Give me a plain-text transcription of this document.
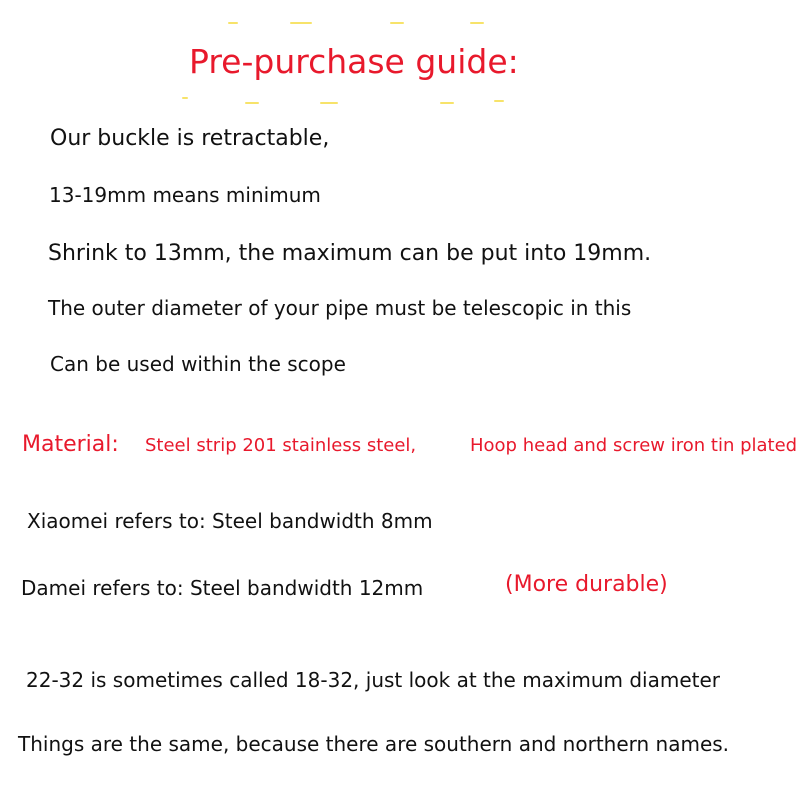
Pre-purchase guide:
Our buckle is retractable,
13-19mm means minimum
Shrink to 13mm, the maximum can be put into 19mm.
The outer diameter of your pipe must be telescopic in this
Can be used within the scope
Material: Steel strip 201 stainless steel,	Hoop head and screw iron tin plated
Xiaomei refers to: Steel bandwidth 8mm
Damei refers to: Steel bandwidth 12mm	(More durable)
22-32 is sometimes called 18-32, just look at the maximum diameter
Things are the same, because there are southern and northern names.
